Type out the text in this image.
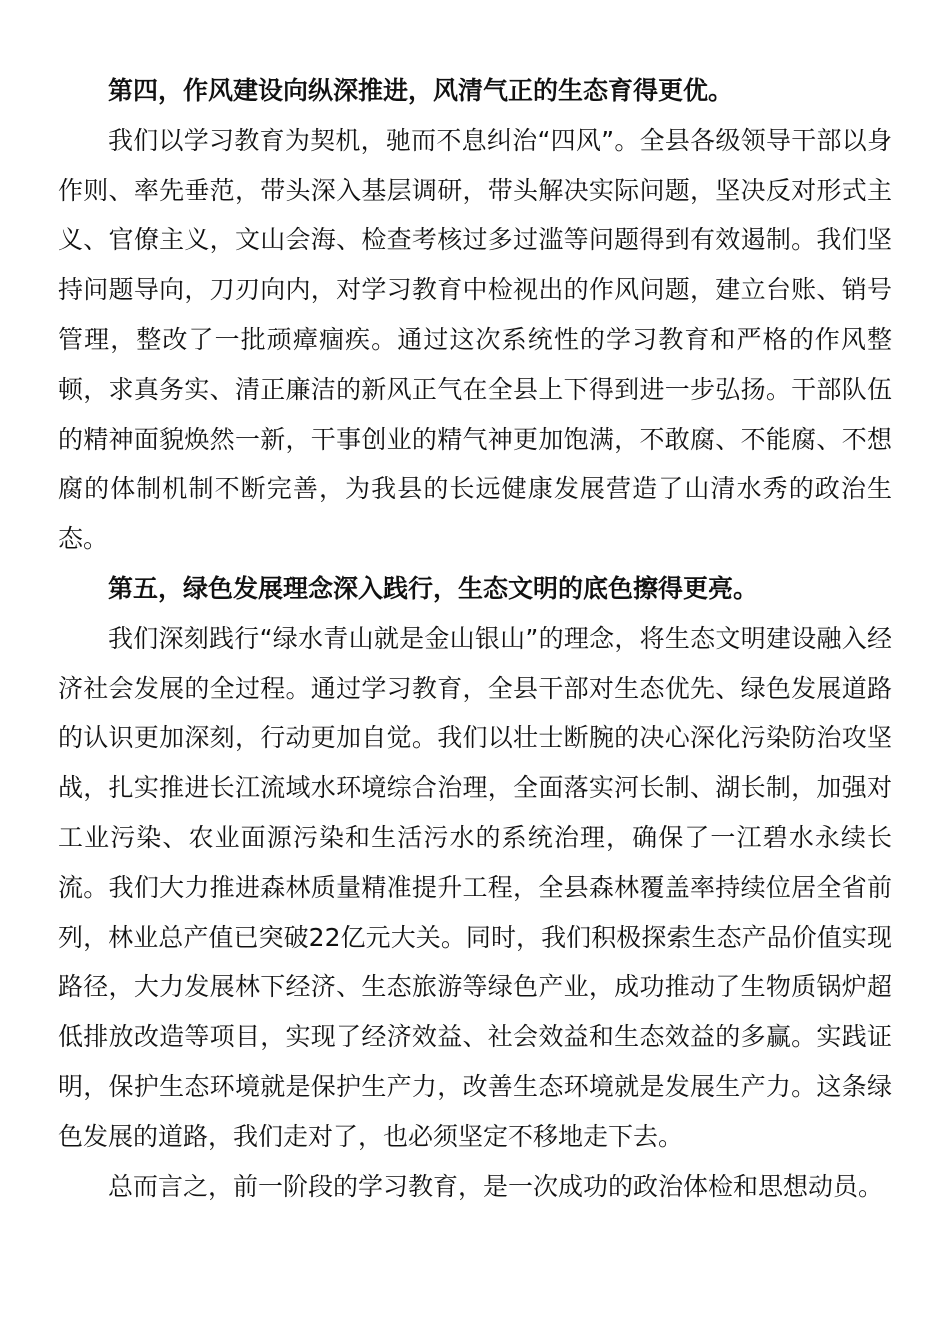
第四，作风建设向纵深推进，风清气正的生态育得更优。

我们以学习教育为契机，驰而不息纠治“四风”。全县各级领导干部以身作则、率先垂范，带头深入基层调研，带头解决实际问题，坚决反对形式主义、官僚主义，文山会海、检查考核过多过滥等问题得到有效遏制。我们坚持问题导向，刀刃向内，对学习教育中检视出的作风问题，建立台账、销号管理，整改了一批顽瘴痼疾。通过这次系统性的学习教育和严格的作风整顿，求真务实、清正廉洁的新风正气在全县上下得到进一步弘扬。干部队伍的精神面貌焕然一新，干事创业的精气神更加饱满，不敢腐、不能腐、不想腐的体制机制不断完善，为我县的长远健康发展营造了山清水秀的政治生态。

第五，绿色发展理念深入践行，生态文明的底色擦得更亮。

我们深刻践行“绿水青山就是金山银山”的理念，将生态文明建设融入经济社会发展的全过程。通过学习教育，全县干部对生态优先、绿色发展道路的认识更加深刻，行动更加自觉。我们以壮士断腕的决心深化污染防治攻坚战，扎实推进长江流域水环境综合治理，全面落实河长制、湖长制，加强对工业污染、农业面源污染和生活污水的系统治理，确保了一江碧水永续长流。我们大力推进森林质量精准提升工程，全县森林覆盖率持续位居全省前列，林业总产值已突破22亿元大关。同时，我们积极探索生态产品价值实现路径，大力发展林下经济、生态旅游等绿色产业，成功推动了生物质锅炉超低排放改造等项目，实现了经济效益、社会效益和生态效益的多赢。实践证明，保护生态环境就是保护生产力，改善生态环境就是发展生产力。这条绿色发展的道路，我们走对了，也必须坚定不移地走下去。

总而言之，前一阶段的学习教育，是一次成功的政治体检和思想动员。
